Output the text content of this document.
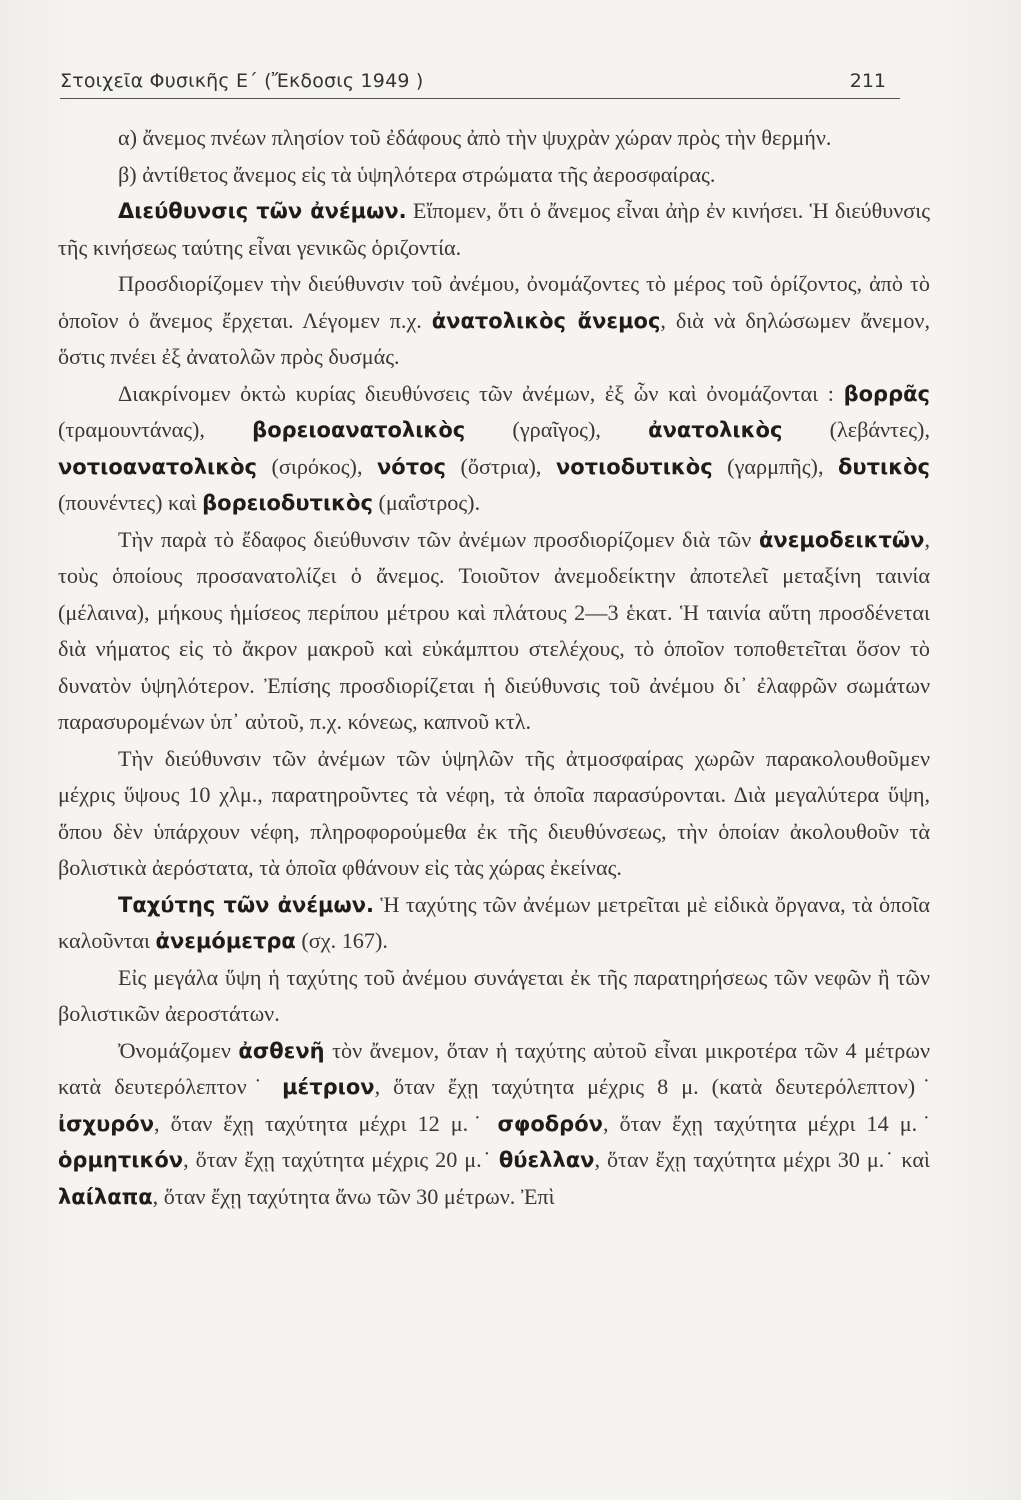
Στοιχεῖα Φυσικῆς Ε΄ (Ἔκδοσις 1949 )	211

α) ἄνεμος πνέων πλησίον τοῦ ἐδάφους ἀπὸ τὴν ψυχρὰν χώραν πρὸς τὴν θερμήν.

β) ἀντίθετος ἄνεμος εἰς τὰ ὑψηλότερα στρώματα τῆς ἀεροσφαίρας.

Διεύθυνσις τῶν ἀνέμων. Εἴπομεν, ὅτι ὁ ἄνεμος εἶναι ἀὴρ ἐν κινήσει. Ἡ διεύθυνσις τῆς κινήσεως ταύτης εἶναι γενικῶς ὁριζοντία.

Προσδιορίζομεν τὴν διεύθυνσιν τοῦ ἀνέμου, ὀνομάζοντες τὸ μέρος τοῦ ὁρίζοντος, ἀπὸ τὸ ὁποῖον ὁ ἄνεμος ἔρχεται. Λέγομεν π.χ. ἀνατολικὸς ἄνεμος, διὰ νὰ δηλώσωμεν ἄνεμον, ὅστις πνέει ἐξ ἀνατολῶν πρὸς δυσμάς.

Διακρίνομεν ὀκτὼ κυρίας διευθύνσεις τῶν ἀνέμων, ἐξ ὧν καὶ ὀνομάζονται : βορρᾶς (τραμουντάνας), βορειοανατολικὸς (γραῖγος), ἀνατολικὸς (λεβάντες), νοτιοανατολικὸς (σιρόκος), νότος (ὄστρια), νοτιοδυτικὸς (γαρμπῆς), δυτικὸς (πουνέντες) καὶ βορειοδυτικὸς (μαΐστρος).

Τὴν παρὰ τὸ ἔδαφος διεύθυνσιν τῶν ἀνέμων προσδιορίζομεν διὰ τῶν ἀνεμοδεικτῶν, τοὺς ὁποίους προσανατολίζει ὁ ἄνεμος. Τοιοῦτον ἀνεμοδείκτην ἀποτελεῖ μεταξίνη ταινία (μέλαινα), μήκους ἡμίσεος περίπου μέτρου καὶ πλάτους 2—3 ἑκατ. Ἡ ταινία αὕτη προσδένεται διὰ νήματος εἰς τὸ ἄκρον μακροῦ καὶ εὐκάμπτου στελέχους, τὸ ὁποῖον τοποθετεῖται ὅσον τὸ δυνατὸν ὑψηλότερον. Ἐπίσης προσδιορίζεται ἡ διεύθυνσις τοῦ ἀνέμου δι᾽ ἐλαφρῶν σωμάτων παρασυρομένων ὑπ᾽ αὐτοῦ, π.χ. κόνεως, καπνοῦ κτλ.

Τὴν διεύθυνσιν τῶν ἀνέμων τῶν ὑψηλῶν τῆς ἀτμοσφαίρας χωρῶν παρακολουθοῦμεν μέχρις ὕψους 10 χλμ., παρατηροῦντες τὰ νέφη, τὰ ὁποῖα παρασύρονται. Διὰ μεγαλύτερα ὕψη, ὅπου δὲν ὑπάρχουν νέφη, πληροφορούμεθα ἐκ τῆς διευθύνσεως, τὴν ὁποίαν ἀκολουθοῦν τὰ βολιστικὰ ἀερόστατα, τὰ ὁποῖα φθάνουν εἰς τὰς χώρας ἐκείνας.

Ταχύτης τῶν ἀνέμων. Ἡ ταχύτης τῶν ἀνέμων μετρεῖται μὲ εἰδικὰ ὄργανα, τὰ ὁποῖα καλοῦνται ἀνεμόμετρα (σχ. 167).

Εἰς μεγάλα ὕψη ἡ ταχύτης τοῦ ἀνέμου συνάγεται ἐκ τῆς παρατηρήσεως τῶν νεφῶν ἢ τῶν βολιστικῶν ἀεροστάτων.

Ὀνομάζομεν ἀσθενῆ τὸν ἄνεμον, ὅταν ἡ ταχύτης αὐτοῦ εἶναι μικροτέρα τῶν 4 μέτρων κατὰ δευτερόλεπτον˙ μέτριον, ὅταν ἔχῃ ταχύτητα μέχρις 8 μ. (κατὰ δευτερόλεπτον)˙ ἰσχυρόν, ὅταν ἔχῃ ταχύτητα μέχρι 12 μ.˙ σφοδρόν, ὅταν ἔχῃ ταχύτητα μέχρι 14 μ.˙ ὁρμητικόν, ὅταν ἔχῃ ταχύτητα μέχρις 20 μ.˙ θύελλαν, ὅταν ἔχῃ ταχύτητα μέχρι 30 μ.˙ καὶ λαίλαπα, ὅταν ἔχῃ ταχύτητα ἄνω τῶν 30 μέτρων. Ἐπὶ
